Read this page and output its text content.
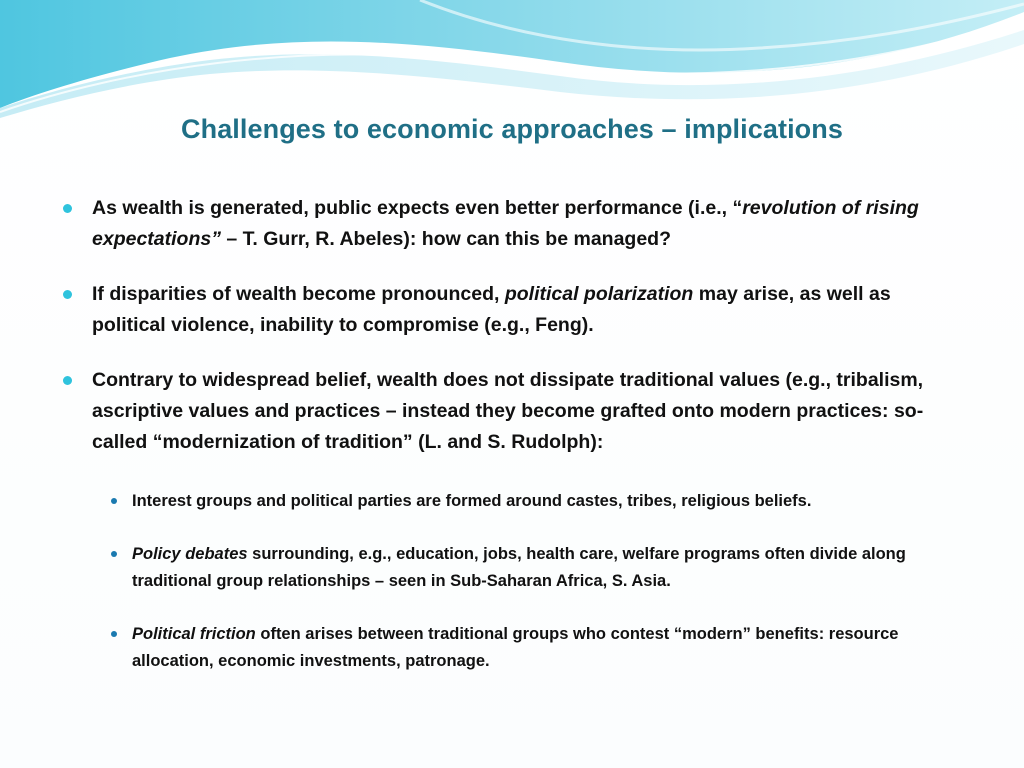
Challenges to economic approaches – implications
As wealth is generated, public expects even better performance (i.e., “revolution of rising expectations” – T. Gurr, R. Abeles): how can this be managed?
If disparities of wealth become pronounced, political polarization may arise, as well as political violence, inability to compromise (e.g., Feng).
Contrary to widespread belief, wealth does not dissipate traditional values (e.g., tribalism, ascriptive values and practices – instead they become grafted onto modern practices: so-called “modernization of tradition” (L. and S. Rudolph):
Interest groups and political parties are formed around castes, tribes, religious beliefs.
Policy debates surrounding, e.g., education, jobs, health care, welfare programs often divide along traditional group relationships – seen in Sub-Saharan Africa, S. Asia.
Political friction often arises between traditional groups who contest “modern” benefits: resource allocation, economic investments, patronage.
